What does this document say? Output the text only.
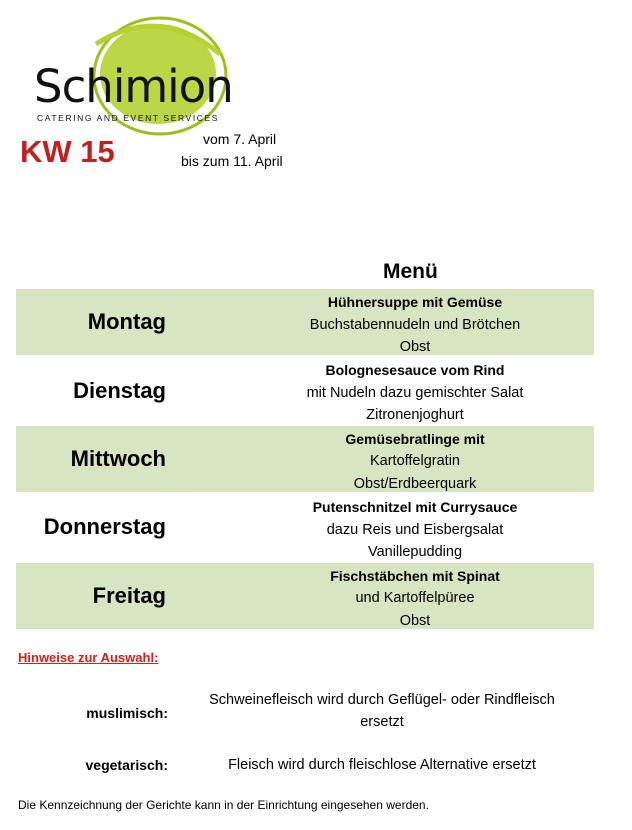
Schimion
CATERING AND EVENT SERVICES
KW 15	vom 7. April
bis zum 11. April
Menü
Montag
Hühnersuppe mit Gemüse
Buchstabennudeln und Brötchen
Obst
Dienstag
Bolognesesauce vom Rind
mit Nudeln dazu gemischter Salat
Zitronenjoghurt
Mittwoch
Gemüsebratlinge mit
Kartoffelgratin
Obst/Erdbeerquark
Donnerstag
Putenschnitzel mit Currysauce
dazu Reis und Eisbergsalat
Vanillepudding
Freitag
Fischstäbchen mit Spinat
und Kartoffelpüree
Obst
Hinweise zur Auswahl:
muslimisch:
Schweinefleisch wird durch Geflügel- oder Rindfleisch
ersetzt
vegetarisch:	Fleisch wird durch fleischlose Alternative ersetzt
Die Kennzeichnung der Gerichte kann in der Einrichtung eingesehen werden.
